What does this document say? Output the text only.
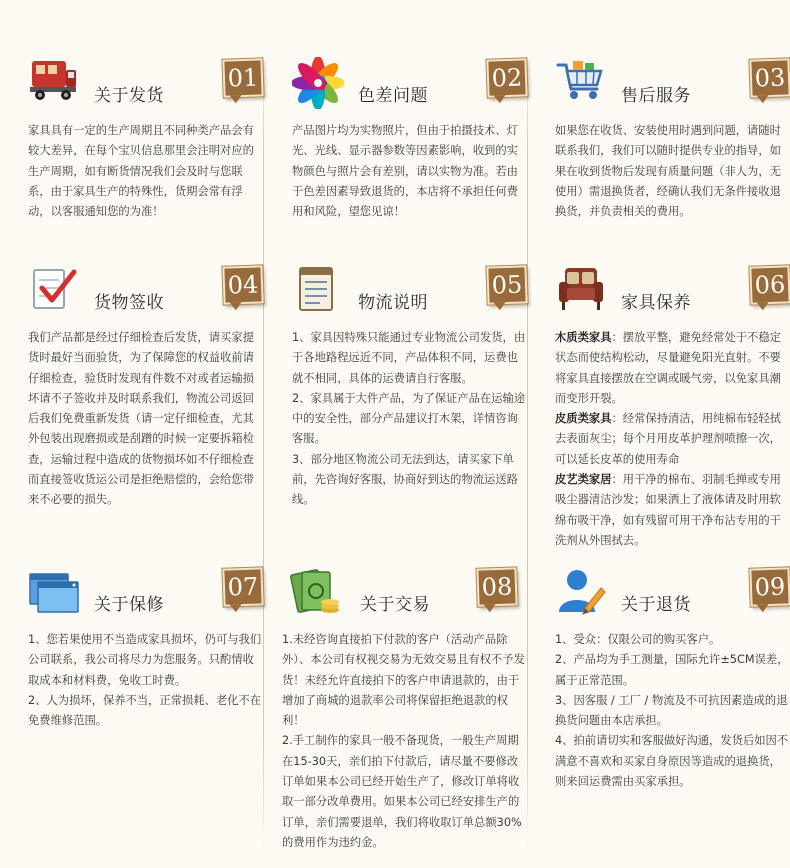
关于发货
01

家具具有一定的生产周期且不同种类产品会有较大差异，在每个宝贝信息那里会注明对应的生产周期，如有断货情况我们会及时与您联系，由于家具生产的特殊性，货期会常有浮动，以客服通知您的为准！

色差问题
02

产品图片均为实物照片，但由于拍摄技术、灯光、光线、显示器参数等因素影响，收到的实物颜色与照片会有差别，请以实物为准。若由于色差因素导致退货的，本店将不承担任何费用和风险，望您见谅！

售后服务
03

如果您在收货、安装使用时遇到问题，请随时联系我们，我们可以随时提供专业的指导，如果在收到货物后发现有质量问题（非人为，无使用）需退换货者，经确认我们无条件接收退换货，并负责相关的费用。

货物签收
04

我们产品都是经过仔细检查后发货，请买家提货时最好当面验货，为了保障您的权益收前请仔细检查，验货时发现有件数不对或者运输损坏请不子签收并及时联系我们，物流公司返回后我们免费重新发货（请一定仔细检查，尤其外包装出现磨损或是刮蹭的时候一定要拆箱检查，运输过程中造成的货物损坏如不仔细检查而直接签收货运公司是拒绝赔偿的，会给您带来不必要的损失。

物流说明
05

1、家具因特殊只能通过专业物流公司发货，由于各地路程远近不同，产品体积不同，运费也就不相同，具体的运费请自行客服。

2、家具属于大件产品，为了保证产品在运输途中的安全性，部分产品建议打木架，详情咨询客服。

3、部分地区物流公司无法到达，请买家下单前，先咨询好客服，协商好到达的物流运送路线。

家具保养
06

木质类家具：摆放平整，避免经常处于不稳定状态而使结构松动，尽量避免阳光直射。不要将家具直接摆放在空调或暖气旁，以免家具潮而变形开裂。

皮质类家具：经常保持清洁，用纯棉布轻轻拭去表面灰尘；每个月用皮革护理剂喷擦一次，可以延长皮革的使用寿命

皮艺类家居：用干净的棉布、羽制毛掸或专用吸尘器清洁沙发；如果洒上了液体请及时用软绵布吸干净，如有残留可用干净布沾专用的干洗剂从外围拭去。

关于保修
07

1、您若果使用不当造成家具损坏，仍可与我们公司联系，我公司将尽力为您服务。只酌情收取成本和材料费，免收工时费。

2、人为损坏，保养不当，正常损耗、老化不在免费维修范围。

关于交易
08

1.未经咨询直接拍下付款的客户（活动产品除外）、本公司有权视交易为无效交易且有权不予发货！未经允许直接拍下的客户申请退款的，由于增加了商城的退款率公司将保留拒绝退款的权利！

2.手工制作的家具一般不备现货，一般生产周期在15-30天，亲们拍下付款后，请尽量不要修改订单如果本公司已经开始生产了，修改订单将收取一部分改单费用。如果本公司已经安排生产的订单，亲们需要退单，我们将收取订单总额30%的费用作为违约金。

关于退货
09

1、受众：仅限公司的购买客户。

2、产品均为手工测量，国际允许±5CM误差，属于正常范围。

3、因客服 / 工厂 / 物流及不可抗因素造成的退换货问题由本店承担。

4、拍前请切实和客服做好沟通，发货后如因不满意不喜欢和买家自身原因等造成的退换货，则来回运费需由买家承担。
